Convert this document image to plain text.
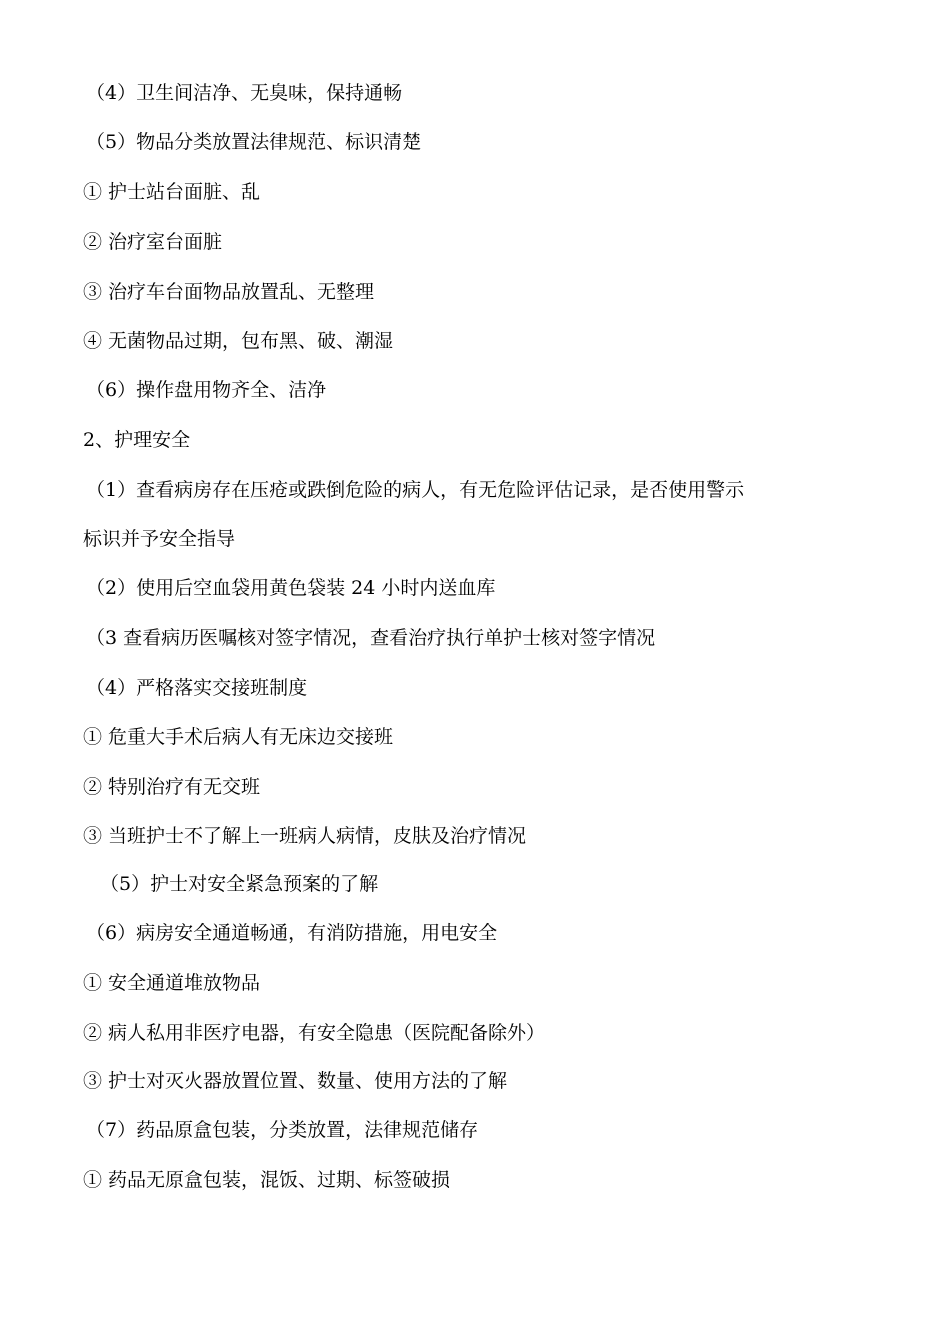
（4）卫生间洁净、无臭味，保持通畅
（5）物品分类放置法律规范、标识清楚
① 护士站台面脏、乱
② 治疗室台面脏
③ 治疗车台面物品放置乱、无整理
④ 无菌物品过期，包布黑、破、潮湿
（6）操作盘用物齐全、洁净
2、护理安全
（1）查看病房存在压疮或跌倒危险的病人，有无危险评估记录，是否使用警示
标识并予安全指导
（2）使用后空血袋用黄色袋装 24 小时内送血库
（3 查看病历医嘱核对签字情况，查看治疗执行单护士核对签字情况
（4）严格落实交接班制度
① 危重大手术后病人有无床边交接班
② 特别治疗有无交班
③ 当班护士不了解上一班病人病情，皮肤及治疗情况
（5）护士对安全紧急预案的了解
（6）病房安全通道畅通，有消防措施，用电安全
① 安全通道堆放物品
② 病人私用非医疗电器，有安全隐患（医院配备除外）
③ 护士对灭火器放置位置、数量、使用方法的了解
（7）药品原盒包装，分类放置，法律规范储存
① 药品无原盒包装，混饭、过期、标签破损
